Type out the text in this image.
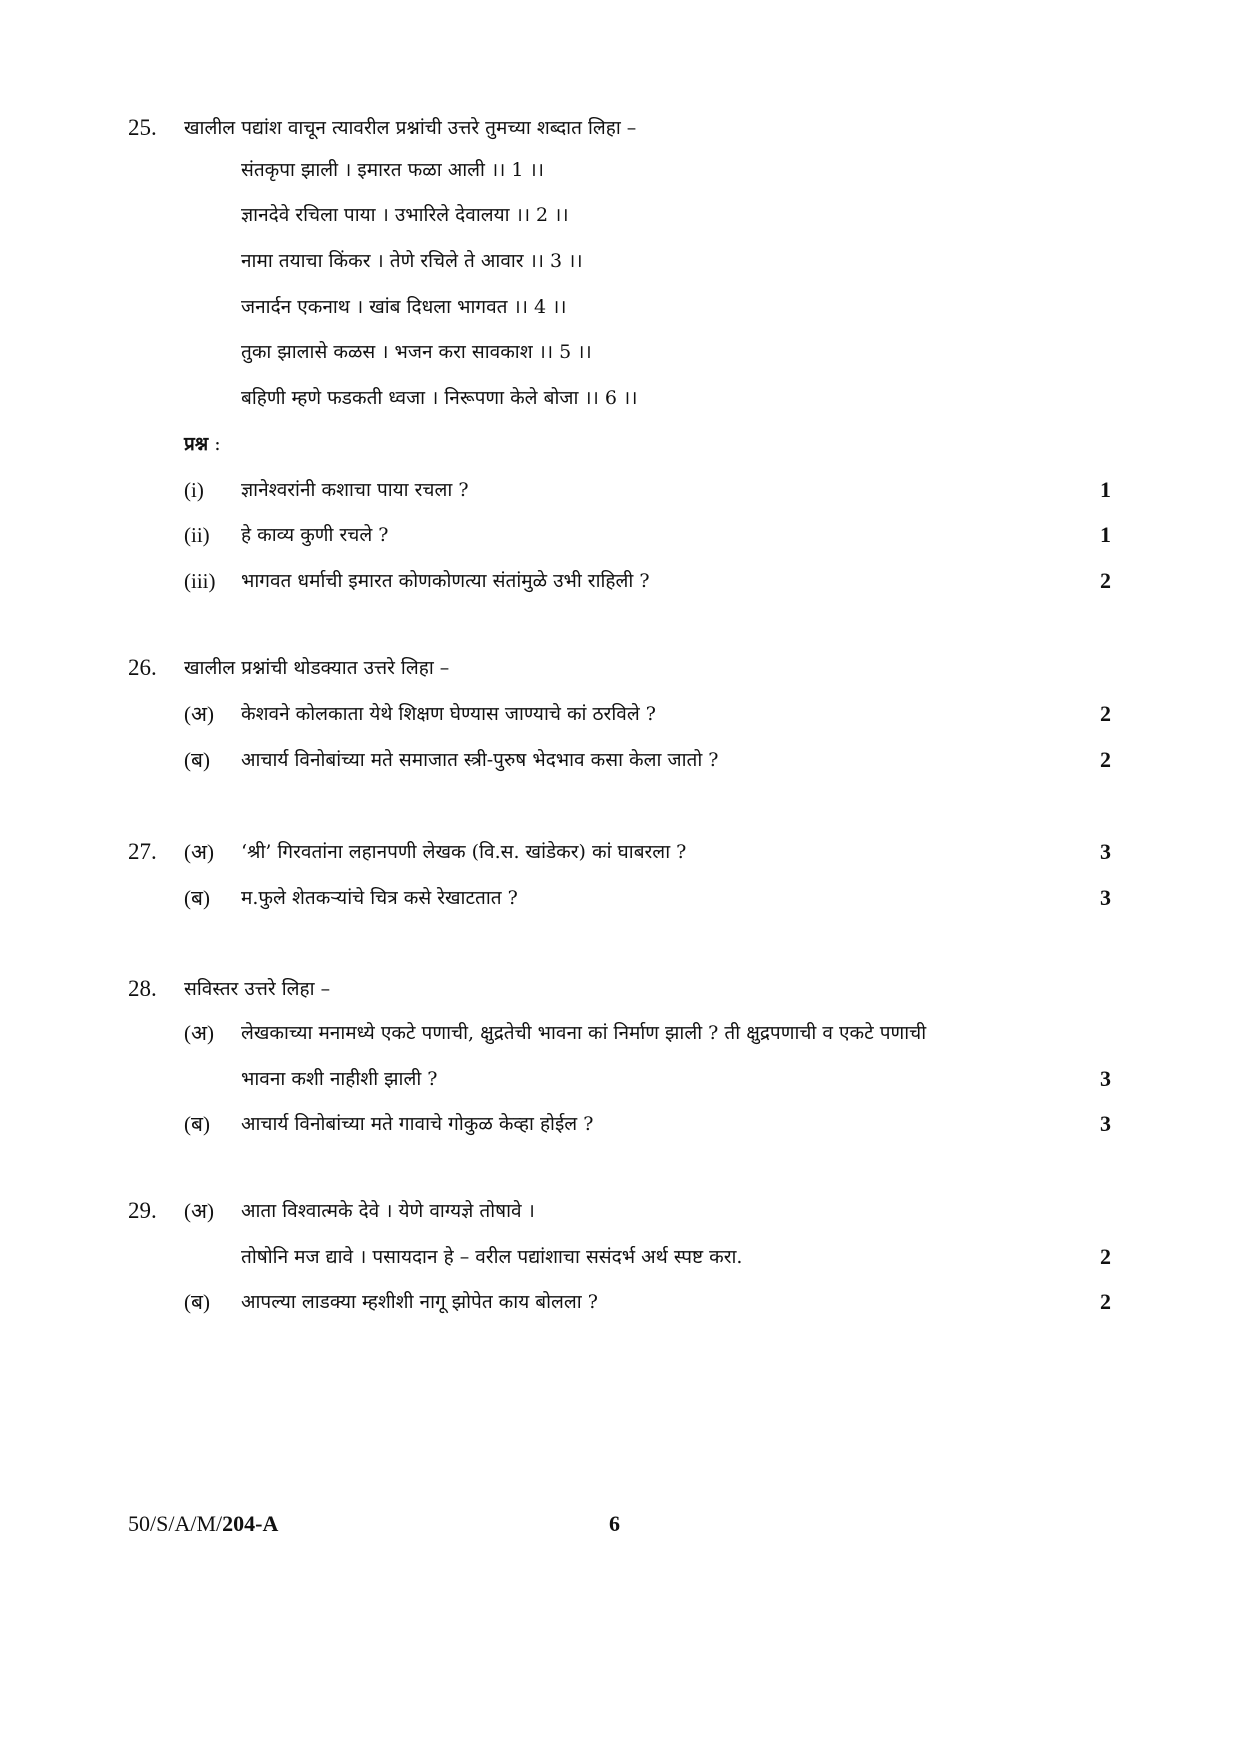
25. खालील पद्यांश वाचून त्यावरील प्रश्नांची उत्तरे तुमच्या शब्दात लिहा –
संतकृपा झाली । इमारत फळा आली ।। 1 ।।
ज्ञानदेवे रचिला पाया । उभारिले देवालया ।। 2 ।।
नामा तयाचा किंकर । तेणे रचिले ते आवार ।। 3 ।।
जनार्दन एकनाथ । खांब दिधला भागवत ।। 4 ।।
तुका झालासे कळस । भजन करा सावकाश ।। 5 ।।
बहिणी म्हणे फडकती ध्वजा । निरूपणा केले बोजा ।। 6 ।।
प्रश्न :
(i) ज्ञानेश्वरांनी कशाचा पाया रचला ?	1
(ii) हे काव्य कुणी रचले ?	1
(iii) भागवत धर्माची इमारत कोणकोणत्या संतांमुळे उभी राहिली ?	2
26. खालील प्रश्नांची थोडक्यात उत्तरे लिहा –
(अ) केशवने कोलकाता येथे शिक्षण घेण्यास जाण्याचे कां ठरविले ?	2
(ब) आचार्य विनोबांच्या मते समाजात स्त्री-पुरुष भेदभाव कसा केला जातो ?	2
27. (अ) ‘श्री’ गिरवतांना लहानपणी लेखक (वि.स. खांडेकर) कां घाबरला ?	3
(ब) म.फुले शेतकऱ्यांचे चित्र कसे रेखाटतात ?	3
28. सविस्तर उत्तरे लिहा –
(अ) लेखकाच्या मनामध्ये एकटे पणाची, क्षुद्रतेची भावना कां निर्माण झाली ? ती क्षुद्रपणाची व एकटे पणाची
भावना कशी नाहीशी झाली ?	3
(ब) आचार्य विनोबांच्या मते गावाचे गोकुळ केव्हा होईल ?	3
29. (अ) आता विश्वात्मके देवे । येणे वाग्यज्ञे तोषावे ।
तोषोनि मज द्यावे । पसायदान हे – वरील पद्यांशाचा ससंदर्भ अर्थ स्पष्ट करा.	2
(ब) आपल्या लाडक्या म्हशीशी नागू झोपेत काय बोलला ?	2
50/S/A/M/204-A	6
